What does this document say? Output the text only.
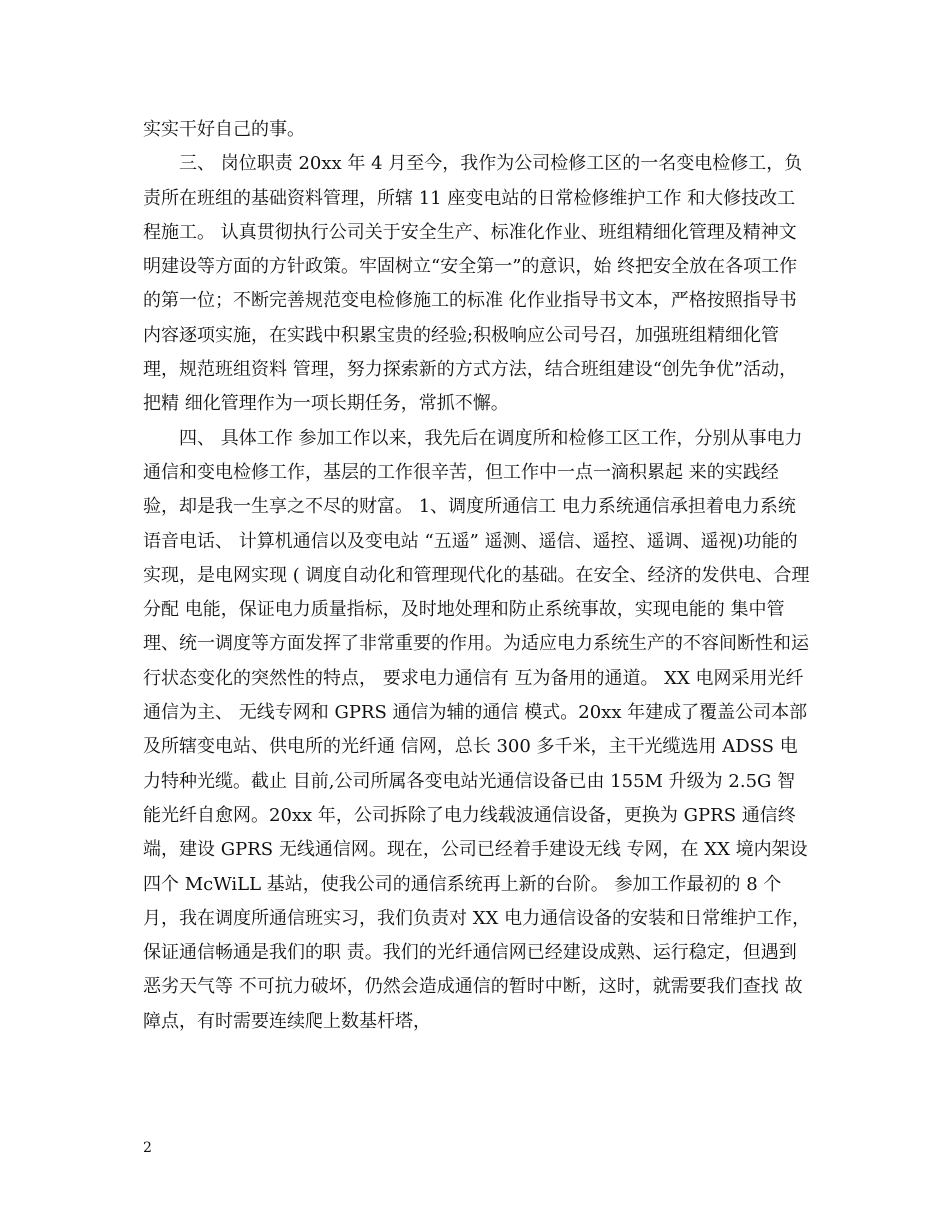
实实干好自己的事。

三、 岗位职责 20xx 年 4 月至今，我作为公司检修工区的一名变电检修工，负 责所在班组的基础资料管理，所辖 11 座变电站的日常检修维护工作 和大修技改工程施工。 认真贯彻执行公司关于安全生产、标准化作业、班组精细化管理及精神文明建设等方面的方针政策。牢固树立“安全第一”的意识，始 终把安全放在各项工作的第一位；不断完善规范变电检修施工的标准 化作业指导书文本，严格按照指导书内容逐项实施，在实践中积累宝贵的经验;积极响应公司号召，加强班组精细化管理，规范班组资料 管理，努力探索新的方式方法，结合班组建设“创先争优”活动，把精 细化管理作为一项长期任务，常抓不懈。

四、 具体工作 参加工作以来，我先后在调度所和检修工区工作，分别从事电力 通信和变电检修工作，基层的工作很辛苦，但工作中一点一滴积累起 来的实践经验，却是我一生享之不尽的财富。 1、调度所通信工 电力系统通信承担着电力系统语音电话、 计算机通信以及变电站 “五遥” 遥测、遥信、遥控、遥调、遥视)功能的实现，是电网实现 ( 调度自动化和管理现代化的基础。在安全、经济的发供电、合理分配 电能，保证电力质量指标，及时地处理和防止系统事故，实现电能的 集中管理、统一调度等方面发挥了非常重要的作用。为适应电力系统生产的不容间断性和运行状态变化的突然性的特点， 要求电力通信有 互为备用的通道。 XX 电网采用光纤通信为主、 无线专网和 GPRS 通信为辅的通信 模式。20xx 年建成了覆盖公司本部及所辖变电站、供电所的光纤通 信网，总长 300 多千米，主干光缆选用 ADSS 电力特种光缆。截止 目前,公司所属各变电站光通信设备已由 155M 升级为 2.5G 智能光纤自愈网。20xx 年，公司拆除了电力线载波通信设备，更换为 GPRS 通信终端，建设 GPRS 无线通信网。现在，公司已经着手建设无线 专网，在 XX 境内架设四个 McWiLL 基站，使我公司的通信系统再上新的台阶。 参加工作最初的 8 个月，我在调度所通信班实习，我们负责对 XX 电力通信设备的安装和日常维护工作，保证通信畅通是我们的职 责。我们的光纤通信网已经建设成熟、运行稳定，但遇到恶劣天气等 不可抗力破坏，仍然会造成通信的暂时中断，这时，就需要我们查找 故障点，有时需要连续爬上数基杆塔，

2
